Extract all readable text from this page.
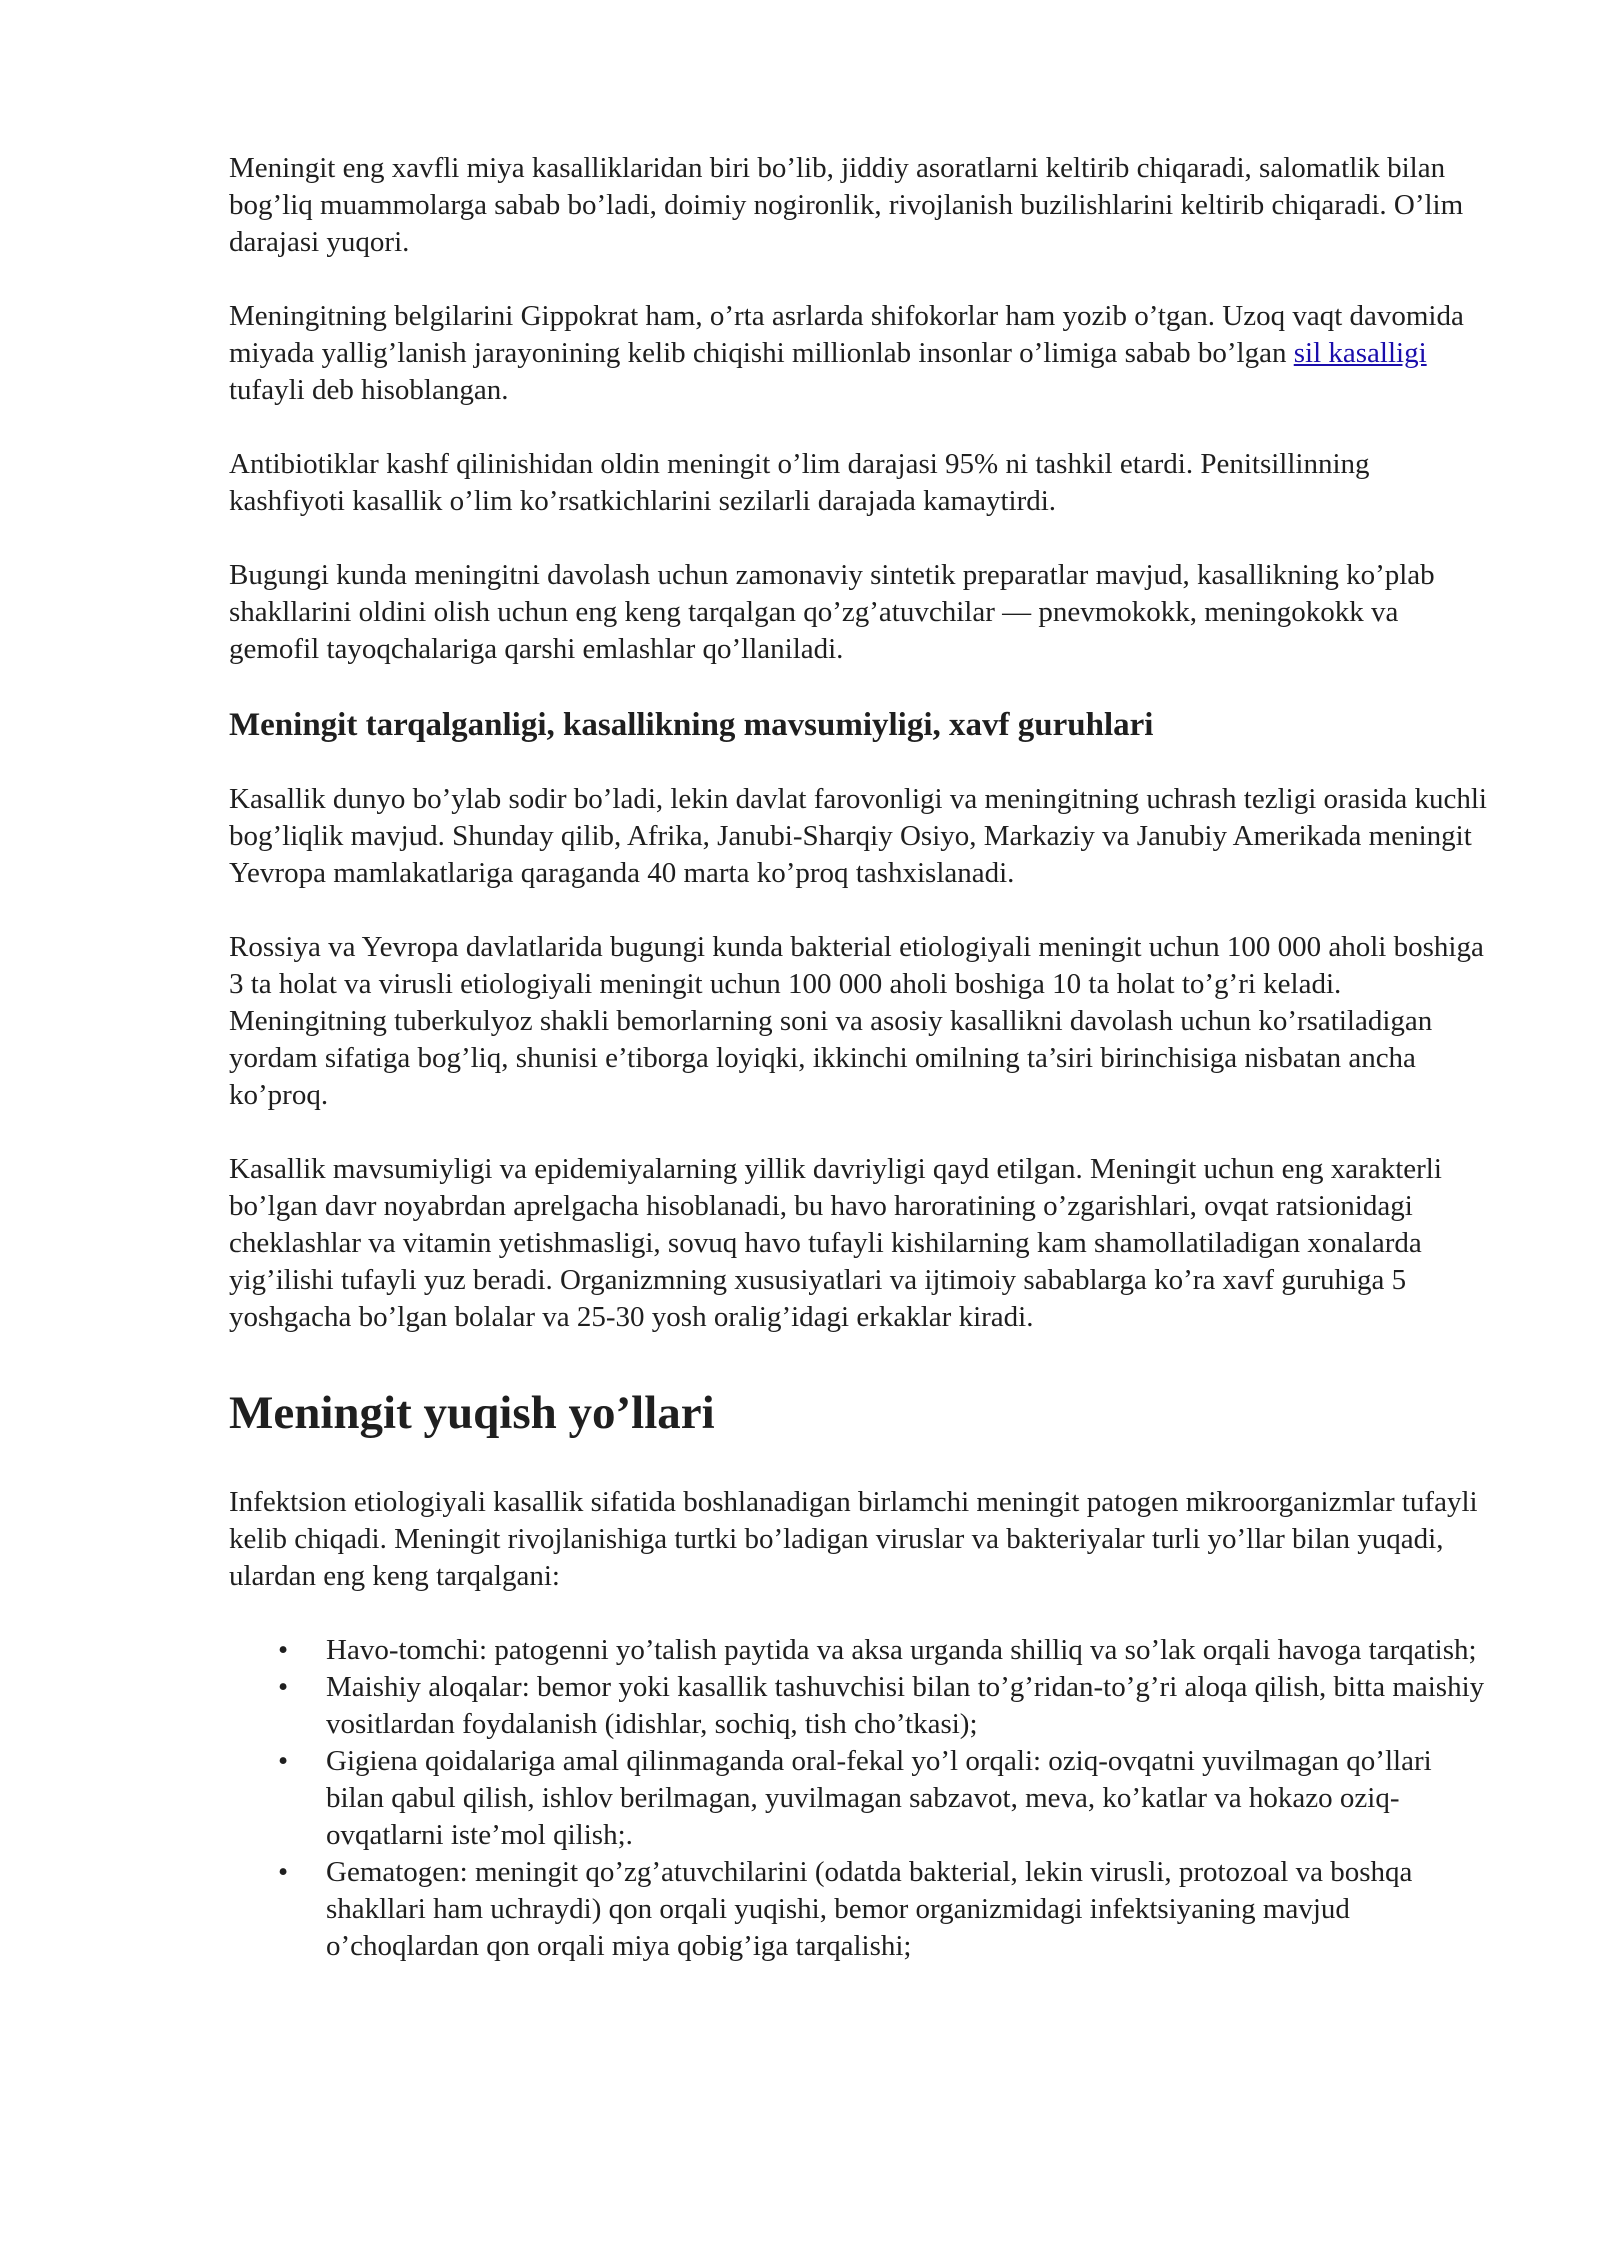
Meningit eng xavfli miya kasalliklaridan biri bo’lib, jiddiy asoratlarni keltirib chiqaradi, salomatlik bilan bog’liq muammolarga sabab bo’ladi, doimiy nogironlik, rivojlanish buzilishlarini keltirib chiqaradi. O’lim darajasi yuqori.

Meningitning belgilarini Gippokrat ham, o’rta asrlarda shifokorlar ham yozib o’tgan. Uzoq vaqt davomida miyada yallig’lanish jarayonining kelib chiqishi millionlab insonlar o’limiga sabab bo’lgan sil kasalligi tufayli deb hisoblangan.

Antibiotiklar kashf qilinishidan oldin meningit o’lim darajasi 95% ni tashkil etardi. Penitsillinning kashfiyoti kasallik o’lim ko’rsatkichlarini sezilarli darajada kamaytirdi.

Bugungi kunda meningitni davolash uchun zamonaviy sintetik preparatlar mavjud, kasallikning ko’plab shakllarini oldini olish uchun eng keng tarqalgan qo’zg’atuvchilar — pnevmokokk, meningokokk va gemofil tayoqchalariga qarshi emlashlar qo’llaniladi.

Meningit tarqalganligi, kasallikning mavsumiyligi, xavf guruhlari

Kasallik dunyo bo’ylab sodir bo’ladi, lekin davlat farovonligi va meningitning uchrash tezligi orasida kuchli bog’liqlik mavjud. Shunday qilib, Afrika, Janubi-Sharqiy Osiyo, Markaziy va Janubiy Amerikada meningit Yevropa mamlakatlariga qaraganda 40 marta ko’proq tashxislanadi.

Rossiya va Yevropa davlatlarida bugungi kunda bakterial etiologiyali meningit uchun 100 000 aholi boshiga 3 ta holat va virusli etiologiyali meningit uchun 100 000 aholi boshiga 10 ta holat to’g’ri keladi. Meningitning tuberkulyoz shakli bemorlarning soni va asosiy kasallikni davolash uchun ko’rsatiladigan yordam sifatiga bog’liq, shunisi e’tiborga loyiqki, ikkinchi omilning ta’siri birinchisiga nisbatan ancha ko’proq.

Kasallik mavsumiyligi va epidemiyalarning yillik davriyligi qayd etilgan. Meningit uchun eng xarakterli bo’lgan davr noyabrdan aprelgacha hisoblanadi, bu havo haroratining o’zgarishlari, ovqat ratsionidagi cheklashlar va vitamin yetishmasligi, sovuq havo tufayli kishilarning kam shamollatiladigan xonalarda yig’ilishi tufayli yuz beradi. Organizmning xususiyatlari va ijtimoiy sabablarga ko’ra xavf guruhiga 5 yoshgacha bo’lgan bolalar va 25-30 yosh oralig’idagi erkaklar kiradi.

Meningit yuqish yo’llari

Infektsion etiologiyali kasallik sifatida boshlanadigan birlamchi meningit patogen mikroorganizmlar tufayli kelib chiqadi. Meningit rivojlanishiga turtki bo’ladigan viruslar va bakteriyalar turli yo’llar bilan yuqadi, ulardan eng keng tarqalgani:

• Havo-tomchi: patogenni yo’talish paytida va aksa urganda shilliq va so’lak orqali havoga tarqatish;
• Maishiy aloqalar: bemor yoki kasallik tashuvchisi bilan to’g’ridan-to’g’ri aloqa qilish, bitta maishiy vositlardan foydalanish (idishlar, sochiq, tish cho’tkasi);
• Gigiena qoidalariga amal qilinmaganda oral-fekal yo’l orqali: oziq-ovqatni yuvilmagan qo’llari bilan qabul qilish, ishlov berilmagan, yuvilmagan sabzavot, meva, ko’katlar va hokazo oziq-ovqatlarni iste’mol qilish;.
• Gematogen: meningit qo’zg’atuvchilarini (odatda bakterial, lekin virusli, protozoal va boshqa shakllari ham uchraydi) qon orqali yuqishi, bemor organizmidagi infektsiyaning mavjud o’choqlardan qon orqali miya qobig’iga tarqalishi;
